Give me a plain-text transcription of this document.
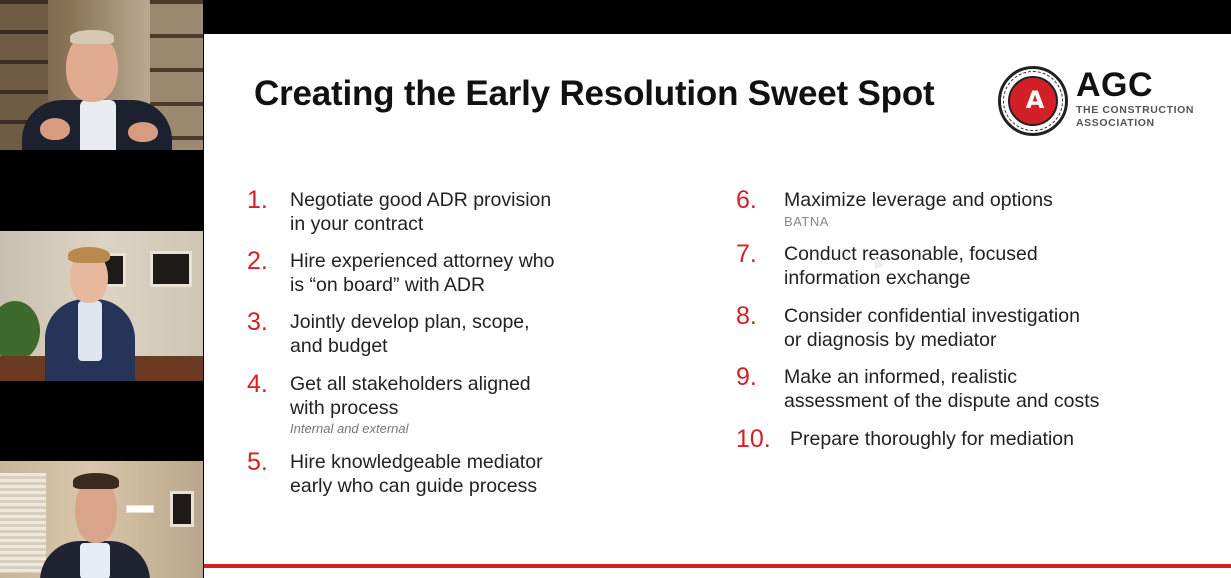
Creating the Early Resolution Sweet Spot	A AGC
THE CONSTRUCTION
ASSOCIATION
1. Negotiate good ADR provision
in your contract
2. Hire experienced attorney who
is “on board” with ADR
3. Jointly develop plan, scope,
and budget
4. Get all stakeholders aligned
with process
Internal and external
5. Hire knowledgeable mediator
early who can guide process
6. Maximize leverage and options
BATNA
7. Conduct reasonable, focused
information exchange
8. Consider confidential investigation
or diagnosis by mediator
9. Make an informed, realistic
assessment of the dispute and costs
10. Prepare thoroughly for mediation
